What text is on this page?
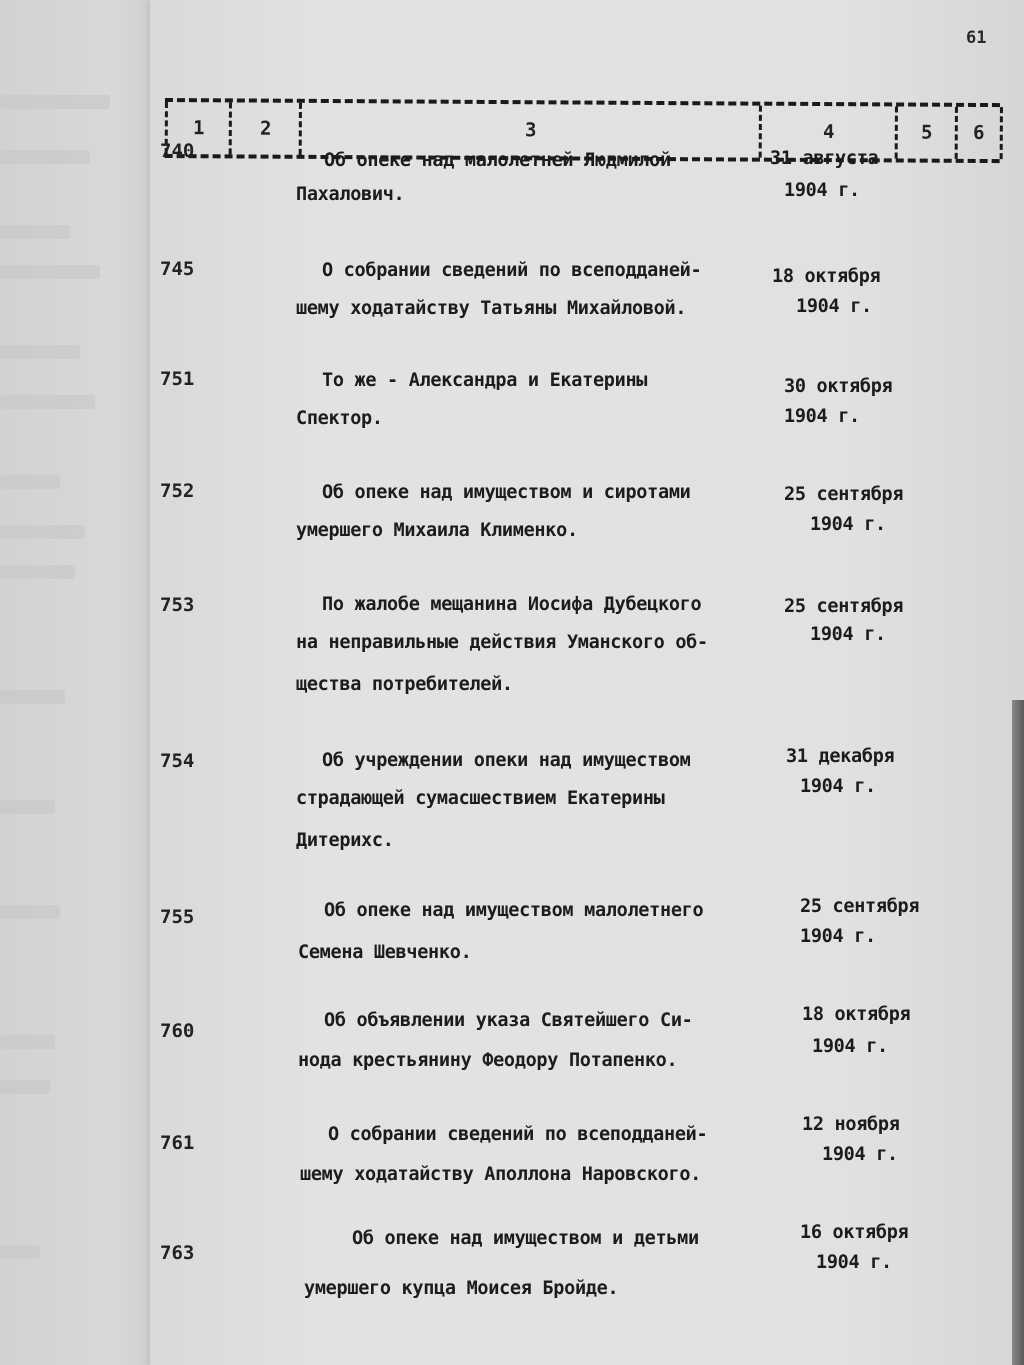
61
1	2	3	4	5	6
740	Об опеке над малолетней Людмилой
Пахалович.
31 августа
1904 г.
745	О собрании сведений по всеподданей-
шему ходатайству Татьяны Михайловой.
18 октября
1904 г.
751	То же - Александра и Екатерины
Спектор.
30 октября
1904 г.
752	Об опеке над имуществом и сиротами
умершего Михаила Клименко.
25 сентября
1904 г.
753	По жалобе мещанина Иосифа Дубецкого
на неправильные действия Уманского об-
щества потребителей.
25 сентября
1904 г.
754	Об учреждении опеки над имуществом
страдающей сумасшествием Екатерины
Дитерихс.
31 декабря
1904 г.
755	Об опеке над имуществом малолетнего
Семена Шевченко.
25 сентября
1904 г.
760	Об объявлении указа Святейшего Си-
нода крестьянину Феодору Потапенко.
18 октября
1904 г.
761	О собрании сведений по всеподданей-
шему ходатайству Аполлона Наровского.
12 ноября
1904 г.
763
Об опеке над имуществом и детьми
умершего купца Моисея Бройде.
16 октября
1904 г.
